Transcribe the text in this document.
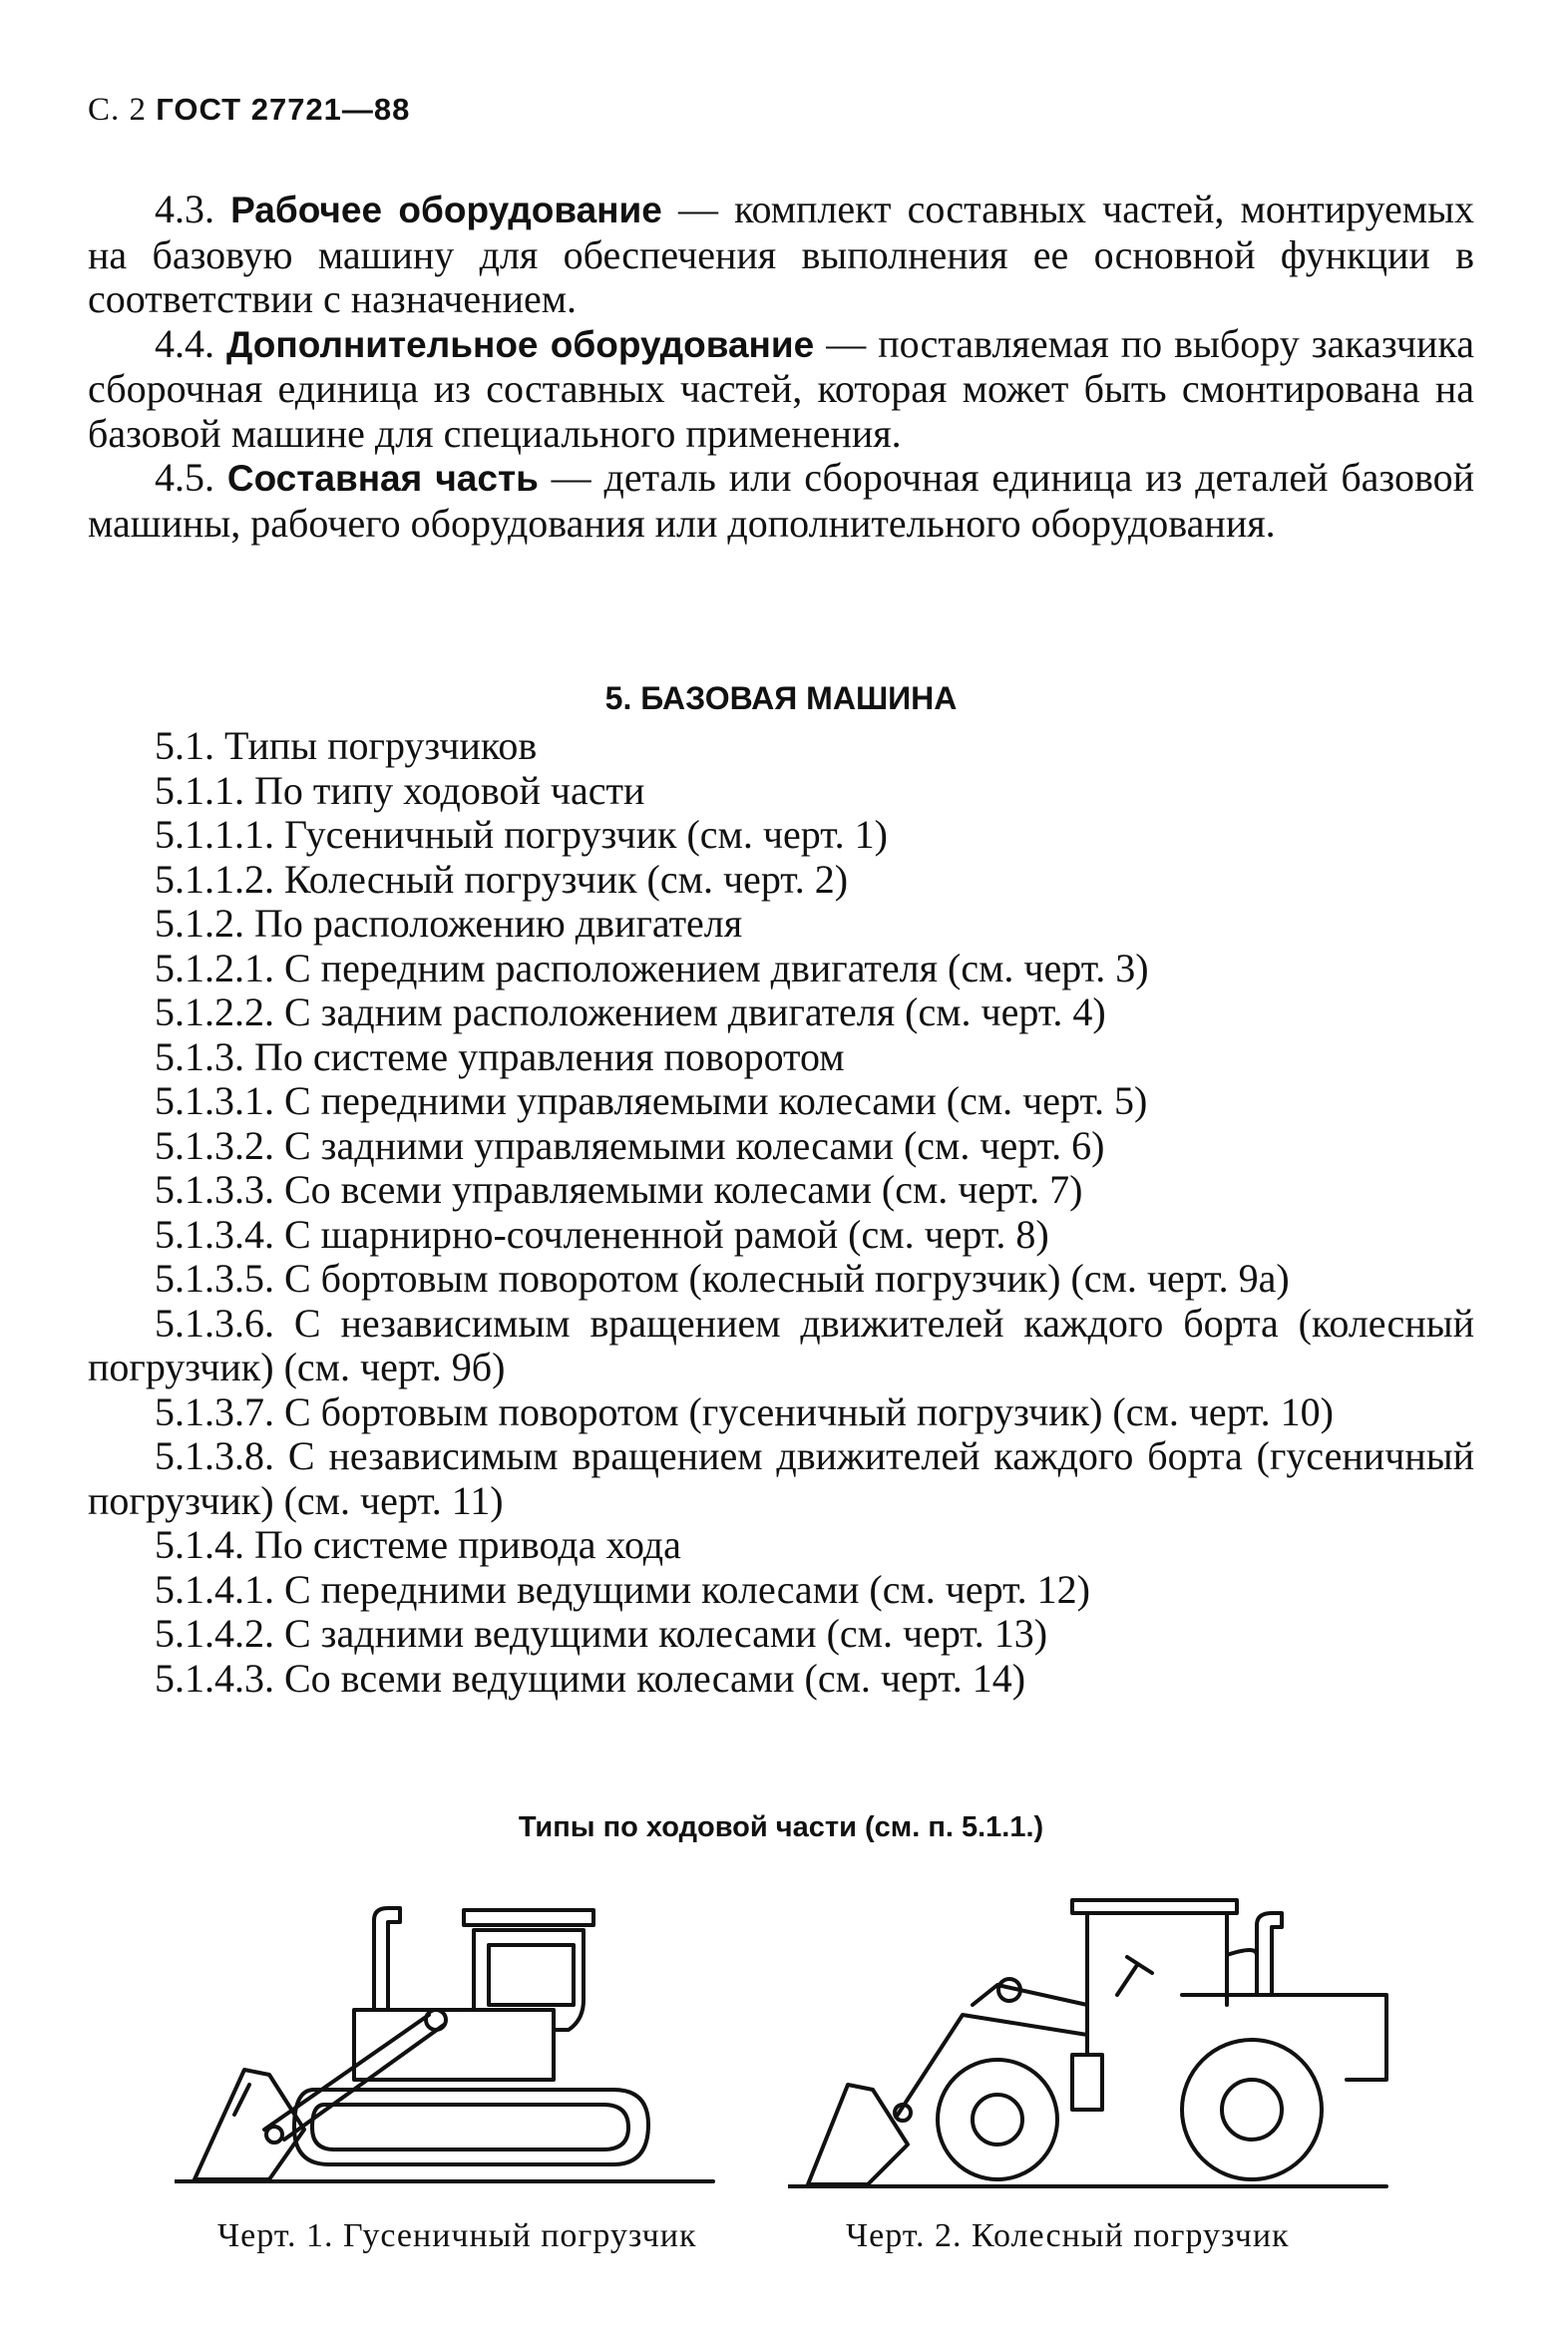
С. 2 ГОСТ 27721—88

4.3. Рабочее оборудование — комплект составных частей, монтируемых на базовую машину для обеспечения выполнения ее основной функции в соответствии с назначением.

4.4. Дополнительное оборудование — поставляемая по выбору заказчика сборочная единица из составных частей, которая может быть смонтирована на базовой машине для специального применения.

4.5. Составная часть — деталь или сборочная единица из деталей базовой машины, рабочего оборудования или дополнительного оборудования.

5. БАЗОВАЯ МАШИНА

5.1. Типы погрузчиков

5.1.1. По типу ходовой части

5.1.1.1. Гусеничный погрузчик (см. черт. 1)

5.1.1.2. Колесный погрузчик (см. черт. 2)

5.1.2. По расположению двигателя

5.1.2.1. С передним расположением двигателя (см. черт. 3)

5.1.2.2. С задним расположением двигателя (см. черт. 4)

5.1.3. По системе управления поворотом

5.1.3.1. С передними управляемыми колесами (см. черт. 5)

5.1.3.2. С задними управляемыми колесами (см. черт. 6)

5.1.3.3. Со всеми управляемыми колесами (см. черт. 7)

5.1.3.4. С шарнирно-сочлененной рамой (см. черт. 8)

5.1.3.5. С бортовым поворотом (колесный погрузчик) (см. черт. 9а)

5.1.3.6. С независимым вращением движителей каждого борта (колесный погрузчик) (см. черт. 9б)

5.1.3.7. С бортовым поворотом (гусеничный погрузчик) (см. черт. 10)

5.1.3.8. С независимым вращением движителей каждого борта (гусеничный погрузчик) (см. черт. 11)

5.1.4. По системе привода хода

5.1.4.1. С передними ведущими колесами (см. черт. 12)

5.1.4.2. С задними ведущими колесами (см. черт. 13)

5.1.4.3. Со всеми ведущими колесами (см. черт. 14)

Типы по ходовой части (см. п. 5.1.1.)
Черт. 1. Гусеничный погрузчик	Черт. 2. Колесный погрузчик
